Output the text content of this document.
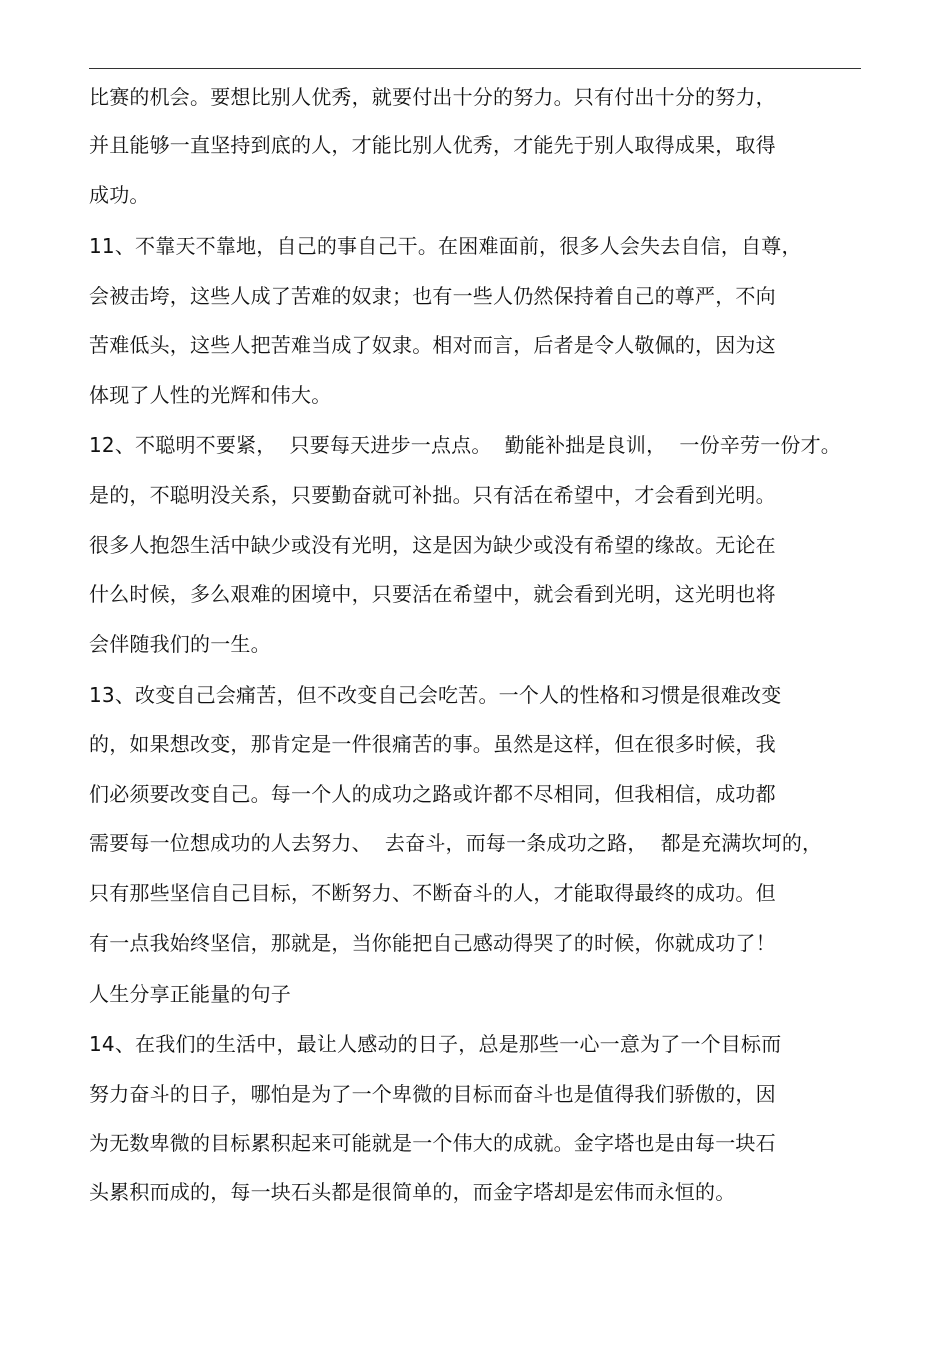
比赛的机会。要想比别人优秀，就要付出十分的努力。只有付出十分的努力，
并且能够一直坚持到底的人，才能比别人优秀，才能先于别人取得成果，取得
成功。
11、不靠天不靠地，自己的事自己干。在困难面前，很多人会失去自信，自尊，
会被击垮，这些人成了苦难的奴隶；也有一些人仍然保持着自己的尊严，不向
苦难低头，这些人把苦难当成了奴隶。相对而言，后者是令人敬佩的，因为这
体现了人性的光辉和伟大。
12、不聪明不要紧，  只要每天进步一点点。  勤能补拙是良训，  一份辛劳一份才。
是的，不聪明没关系，只要勤奋就可补拙。只有活在希望中，才会看到光明。
很多人抱怨生活中缺少或没有光明，这是因为缺少或没有希望的缘故。无论在
什么时候，多么艰难的困境中，只要活在希望中，就会看到光明，这光明也将
会伴随我们的一生。
13、改变自己会痛苦，但不改变自己会吃苦。一个人的性格和习惯是很难改变
的，如果想改变，那肯定是一件很痛苦的事。虽然是这样，但在很多时候，我
们必须要改变自己。每一个人的成功之路或许都不尽相同，但我相信，成功都
需要每一位想成功的人去努力、  去奋斗，而每一条成功之路，  都是充满坎坷的，
只有那些坚信自己目标，不断努力、不断奋斗的人，才能取得最终的成功。但
有一点我始终坚信，那就是，当你能把自己感动得哭了的时候，你就成功了！
人生分享正能量的句子
14、在我们的生活中，最让人感动的日子，总是那些一心一意为了一个目标而
努力奋斗的日子，哪怕是为了一个卑微的目标而奋斗也是值得我们骄傲的，因
为无数卑微的目标累积起来可能就是一个伟大的成就。金字塔也是由每一块石
头累积而成的，每一块石头都是很简单的，而金字塔却是宏伟而永恒的。
